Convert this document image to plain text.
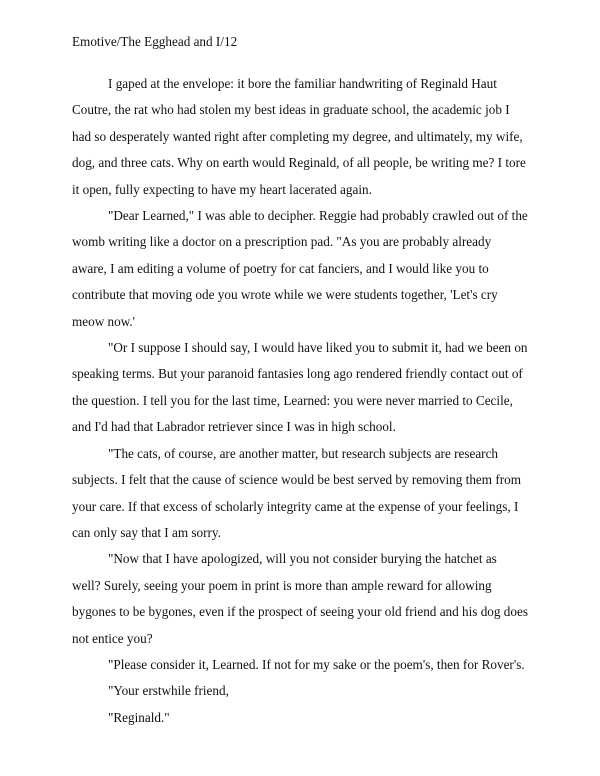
Emotive/The Egghead and I/12

I gaped at the envelope: it bore the familiar handwriting of Reginald Haut Coutre, the rat who had stolen my best ideas in graduate school, the academic job I had so desperately wanted right after completing my degree, and ultimately, my wife, dog, and three cats. Why on earth would Reginald, of all people, be writing me? I tore it open, fully expecting to have my heart lacerated again.

"Dear Learned," I was able to decipher. Reggie had probably crawled out of the womb writing like a doctor on a prescription pad. "As you are probably already aware, I am editing a volume of poetry for cat fanciers, and I would like you to contribute that moving ode you wrote while we were students together, 'Let's cry meow now.'

"Or I suppose I should say, I would have liked you to submit it, had we been on speaking terms. But your paranoid fantasies long ago rendered friendly contact out of the question. I tell you for the last time, Learned: you were never married to Cecile, and I'd had that Labrador retriever since I was in high school.

"The cats, of course, are another matter, but research subjects are research subjects. I felt that the cause of science would be best served by removing them from your care. If that excess of scholarly integrity came at the expense of your feelings, I can only say that I am sorry.

"Now that I have apologized, will you not consider burying the hatchet as well? Surely, seeing your poem in print is more than ample reward for allowing bygones to be bygones, even if the prospect of seeing your old friend and his dog does not entice you?

"Please consider it, Learned. If not for my sake or the poem's, then for Rover's.

"Your erstwhile friend,

"Reginald."
